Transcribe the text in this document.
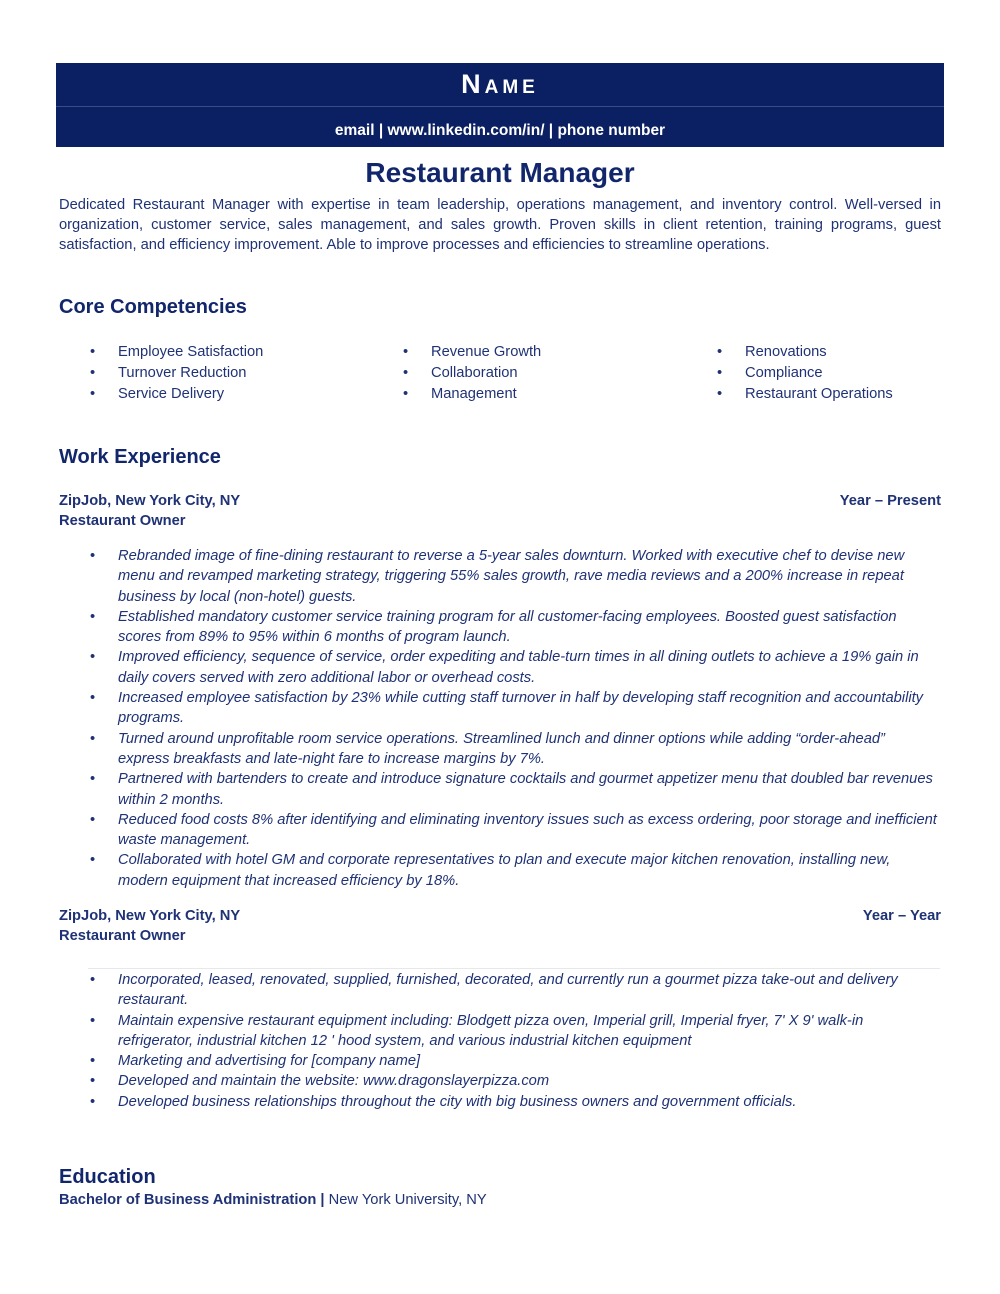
Name
email | www.linkedin.com/in/ | phone number
Restaurant Manager

Dedicated Restaurant Manager with expertise in team leadership, operations management, and inventory control. Well-versed in organization, customer service, sales management, and sales growth. Proven skills in client retention, training programs, guest satisfaction, and efficiency improvement. Able to improve processes and efficiencies to streamline operations.

Core Competencies
• Employee Satisfaction
• Turnover Reduction
• Service Delivery
• Revenue Growth
• Collaboration
• Management
• Renovations
• Compliance
• Restaurant Operations
Work Experience
ZipJob, New York City, NY	Year – Present
Restaurant Owner
• Rebranded image of fine-dining restaurant to reverse a 5-year sales downturn. Worked with executive chef to devise new menu and revamped marketing strategy, triggering 55% sales growth, rave media reviews and a 200% increase in repeat business by local (non-hotel) guests.
• Established mandatory customer service training program for all customer-facing employees. Boosted guest satisfaction scores from 89% to 95% within 6 months of program launch.
• Improved efficiency, sequence of service, order expediting and table-turn times in all dining outlets to achieve a 19% gain in daily covers served with zero additional labor or overhead costs.
• Increased employee satisfaction by 23% while cutting staff turnover in half by developing staff recognition and accountability programs.
• Turned around unprofitable room service operations. Streamlined lunch and dinner options while adding “order-ahead” express breakfasts and late-night fare to increase margins by 7%.
• Partnered with bartenders to create and introduce signature cocktails and gourmet appetizer menu that doubled bar revenues within 2 months.
• Reduced food costs 8% after identifying and eliminating inventory issues such as excess ordering, poor storage and inefficient waste management.
• Collaborated with hotel GM and corporate representatives to plan and execute major kitchen renovation, installing new, modern equipment that increased efficiency by 18%.
ZipJob, New York City, NY	Year – Year
Restaurant Owner
• Incorporated, leased, renovated, supplied, furnished, decorated, and currently run a gourmet pizza take-out and delivery restaurant.
• Maintain expensive restaurant equipment including: Blodgett pizza oven, Imperial grill, Imperial fryer, 7' X 9' walk-in refrigerator, industrial kitchen 12 ' hood system, and various industrial kitchen equipment
• Marketing and advertising for [company name]
• Developed and maintain the website: www.dragonslayerpizza.com
• Developed business relationships throughout the city with big business owners and government officials.
Education

Bachelor of Business Administration | New York University, NY
